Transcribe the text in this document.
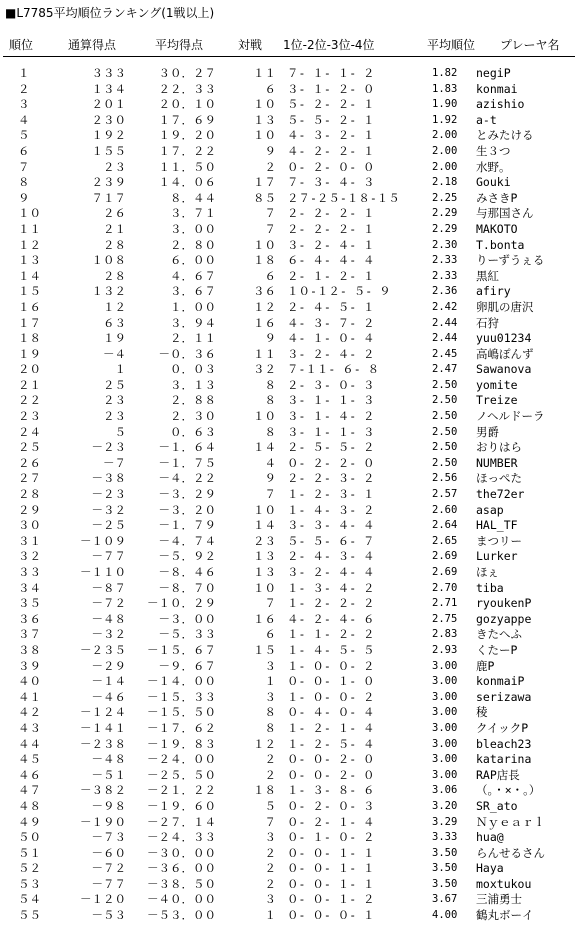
■L7785平均順位ランキング(1戦以上)
順位	通算得点	平均得点	対戦 1位-2位-3位-4位	平均順位 プレーヤ名
１	３３３	３０．２７	１１ ７- １- １- ２	1.82 negiP
２	１３４	２２．３３	６ ３- １- ２- ０	1.83 konmai
３	２０１	２０．１０	１０ ５- ２- ２- １	1.90 azishio
４	２３０	１７．６９	１３ ５- ５- ２- １	1.92 a-t
５	１９２	１９．２０	１０ ４- ３- ２- １	2.00 とみたける
６	１５５	１７．２２	９ ４- ２- ２- １	2.00 生３つ
７	２３	１１．５０	２ ０- ２- ０- ０	2.00 水野。
８	２３９	１４．０６	１７ ７- ３- ４- ３	2.18 Gouki
９	７１７	８．４４	８５ ２７-２５-１８-１５	2.25 みさきP
１０	２６	３．７１	７ ２- ２- ２- １	2.29 与那国さん
１１	２１	３．００	７ ２- ２- ２- １	2.29 MAKOTO
１２	２８	２．８０	１０ ３- ２- ４- １	2.30 T.bonta
１３	１０８	６．００	１８ ６- ４- ４- ４	2.33 りーずうぇる
１４	２８	４．６７	６ ２- １- ２- １	2.33 黒紅
１５	１３２	３．６７	３６ １０-１２- ５- ９	2.36 afiry
１６	１２	１．００	１２ ２- ４- ５- １	2.42 卵肌の唐沢
１７	６３	３．９４	１６ ４- ３- ７- ２	2.44 石狩
１８	１９	２．１１	９ ４- １- ０- ４	2.44 yuu01234
１９	－４	－０．３６	１１ ３- ２- ４- ２	2.45 高嶋ぽんず
２０	１	０．０３	３２ ７-１１- ６- ８	2.47 Sawanova
２１	２５	３．１３	８ ２- ３- ０- ３	2.50 yomite
２２	２３	２．８８	８ ３- １- １- ３	2.50 Treize
２３	２３	２．３０	１０ ３- １- ４- ２	2.50 ノヘルドーラ
２４	５	０．６３	８ ３- １- １- ３	2.50 男爵
２５	－２３	－１．６４	１４ ２- ５- ５- ２	2.50 おりはら
２６	－７	－１．７５	４ ０- ２- ２- ０	2.50 NUMBER
２７	－３８	－４．２２	９ ２- ２- ３- ２	2.56 ほっぺた
２８	－２３	－３．２９	７ １- ２- ３- １	2.57 the72er
２９	－３２	－３．２０	１０ １- ４- ３- ２	2.60 asap
３０	－２５	－１．７９	１４ ３- ３- ４- ４	2.64 HAL_TF
３１	－１０９	－４．７４	２３ ５- ５- ６- ７	2.65 まつリー
３２	－７７	－５．９２	１３ ２- ４- ３- ４	2.69 Lurker
３３	－１１０	－８．４６	１３ ３- ２- ４- ４	2.69 ほぇ
３４	－８７	－８．７０	１０ １- ３- ４- ２	2.70 tiba
３５	－７２ －１０．２９	７ １- ２- ２- ２	2.71 ryoukenP
３６	－４８	－３．００	１６ ４- ２- ４- ６	2.75 gozyappe
３７	－３２	－５．３３	６ １- １- ２- ２	2.83 きたへふ
３８	－２３５ －１５．６７	１５ １- ４- ５- ５	2.93 くたーP
３９	－２９	－９．６７	３ １- ０- ０- ２	3.00 鹿P
４０	－１４ －１４．００	１ ０- ０- １- ０	3.00 konmaiP
４１	－４６ －１５．３３	３ １- ０- ０- ２	3.00 serizawa
４２	－１２４ －１５．５０	８ ０- ４- ０- ４	3.00 稜
４３	－１４１ －１７．６２	８ １- ２- １- ４	3.00 クイックP
４４	－２３８ －１９．８３	１２ １- ２- ５- ４	3.00 bleach23
４５	－４８ －２４．００	２ ０- ０- ２- ０	3.00 katarina
４６	－５１ －２５．５０	２ ０- ０- ２- ０	3.00 RAP店長
４７	－３８２ －２１．２２	１８ １- ３- ８- ６	3.06 （。・×・。）
４８	－９８ －１９．６０	５ ０- ２- ０- ３	3.20 SR_ato
４９	－１９０ －２７．１４	７ ０- ２- １- ４	3.29 Ｎｙｅａｒｌ
５０	－７３ －２４．３３	３ ０- １- ０- ２	3.33 hua@
５１	－６０ －３０．００	２ ０- ０- １- １	3.50 らんせるさん
５２	－７２ －３６．００	２ ０- ０- １- １	3.50 Haya
５３	－７７ －３８．５０	２ ０- ０- １- １	3.50 moxtukou
５４	－１２０ －４０．００	３ ０- ０- １- ２	3.67 三浦勇士
５５	－５３ －５３．００	１ ０- ０- ０- １	4.00 鶴丸ボーイ
